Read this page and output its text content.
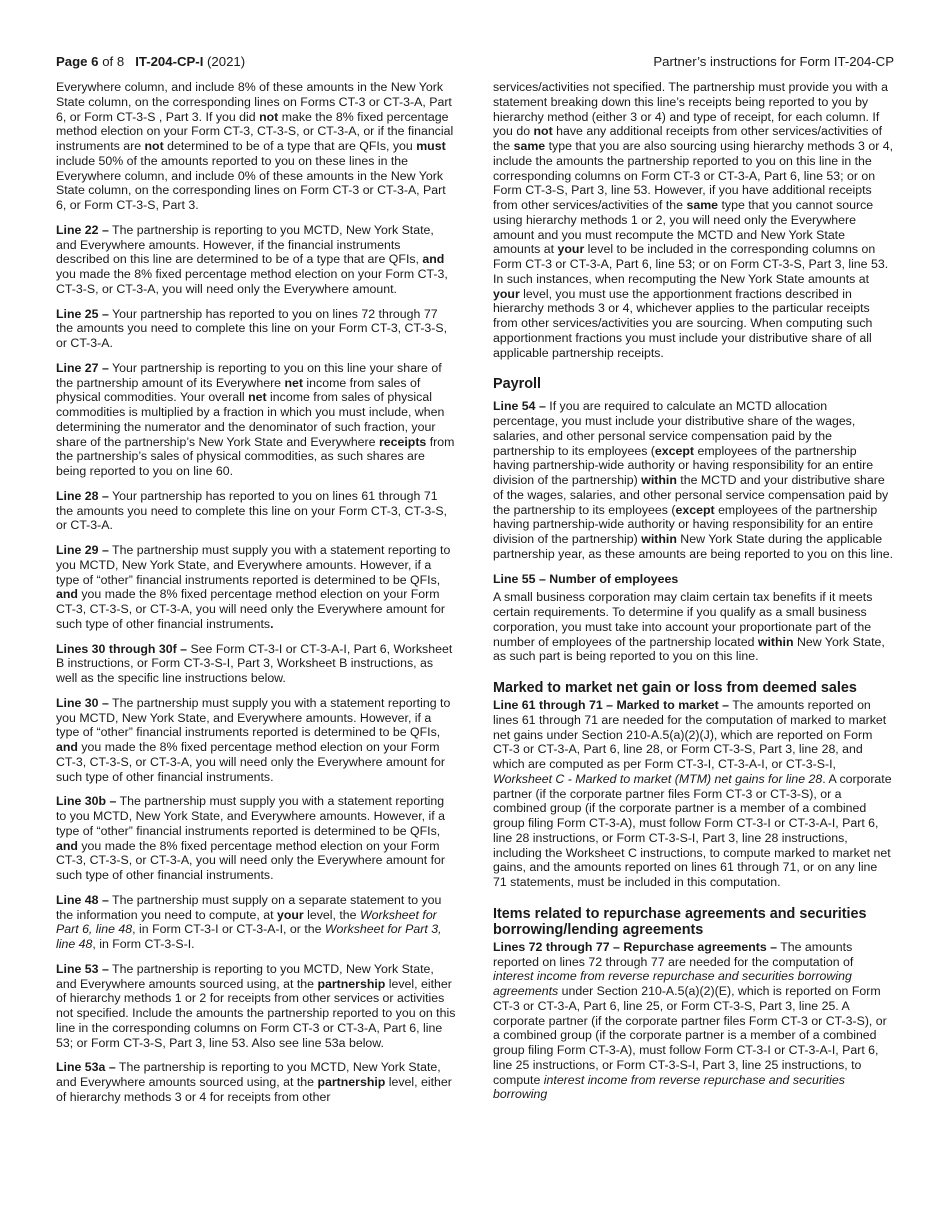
Page 6 of 8 IT-204-CP-I (2021)	Partner’s instructions for Form IT-204-CP

Everywhere column, and include 8% of these amounts in the New York State column, on the corresponding lines on Forms CT-3 or CT-3-A, Part 6, or Form CT-3-S , Part 3. If you did not make the 8% fixed percentage method election on your Form CT-3, CT-3-S, or CT-3-A, or if the financial instruments are not determined to be of a type that are QFIs, you must include 50% of the amounts reported to you on these lines in the Everywhere column, and include 0% of these amounts in the New York State column, on the corresponding lines on Form CT-3 or CT-3-A, Part 6, or Form CT-3-S, Part 3.

Line 22 – The partnership is reporting to you MCTD, New York State, and Everywhere amounts. However, if the financial instruments described on this line are determined to be of a type that are QFIs, and you made the 8% fixed percentage method election on your Form CT-3, CT-3-S, or CT-3-A, you will need only the Everywhere amount.

Line 25 – Your partnership has reported to you on lines 72 through 77 the amounts you need to complete this line on your Form CT-3, CT-3-S, or CT-3-A.

Line 27 – Your partnership is reporting to you on this line your share of the partnership amount of its Everywhere net income from sales of physical commodities. Your overall net income from sales of physical commodities is multiplied by a fraction in which you must include, when determining the numerator and the denominator of such fraction, your share of the partnership’s New York State and Everywhere receipts from the partnership’s sales of physical commodities, as such shares are being reported to you on line 60.

Line 28 – Your partnership has reported to you on lines 61 through 71 the amounts you need to complete this line on your Form CT-3, CT-3-S, or CT-3-A.

Line 29 – The partnership must supply you with a statement reporting to you MCTD, New York State, and Everywhere amounts. However, if a type of “other” financial instruments reported is determined to be QFIs, and you made the 8% fixed percentage method election on your Form CT-3, CT-3-S, or CT-3-A, you will need only the Everywhere amount for such type of other financial instruments.

Lines 30 through 30f – See Form CT-3-I or CT-3-A-I, Part 6, Worksheet B instructions, or Form CT-3-S-I, Part 3, Worksheet B instructions, as well as the specific line instructions below.

Line 30 – The partnership must supply you with a statement reporting to you MCTD, New York State, and Everywhere amounts. However, if a type of “other” financial instruments reported is determined to be QFIs, and you made the 8% fixed percentage method election on your Form CT-3, CT-3-S, or CT-3-A, you will need only the Everywhere amount for such type of other financial instruments.

Line 30b – The partnership must supply you with a statement reporting to you MCTD, New York State, and Everywhere amounts. However, if a type of “other” financial instruments reported is determined to be QFIs, and you made the 8% fixed percentage method election on your Form CT-3, CT-3-S, or CT-3-A, you will need only the Everywhere amount for such type of other financial instruments.

Line 48 – The partnership must supply on a separate statement to you the information you need to compute, at your level, the Worksheet for Part 6, line 48, in Form CT-3-I or CT-3-A-I, or the Worksheet for Part 3, line 48, in Form CT-3-S-I.

Line 53 – The partnership is reporting to you MCTD, New York State, and Everywhere amounts sourced using, at the partnership level, either of hierarchy methods 1 or 2 for receipts from other services or activities not specified. Include the amounts the partnership reported to you on this line in the corresponding columns on Form CT-3 or CT-3-A, Part 6, line 53; or Form CT-3-S, Part 3, line 53. Also see line 53a below.

Line 53a – The partnership is reporting to you MCTD, New York State, and Everywhere amounts sourced using, at the partnership level, either of hierarchy methods 3 or 4 for receipts from other

services/activities not specified. The partnership must provide you with a statement breaking down this line’s receipts being reported to you by hierarchy method (either 3 or 4) and type of receipt, for each column. If you do not have any additional receipts from other services/activities of the same type that you are also sourcing using hierarchy methods 3 or 4, include the amounts the partnership reported to you on this line in the corresponding columns on Form CT-3 or CT-3-A, Part 6, line 53; or on Form CT-3-S, Part 3, line 53. However, if you have additional receipts from other services/activities of the same type that you cannot source using hierarchy methods 1 or 2, you will need only the Everywhere amount and you must recompute the MCTD and New York State amounts at your level to be included in the corresponding columns on Form CT-3 or CT-3-A, Part 6, line 53; or on Form CT-3-S, Part 3, line 53. In such instances, when recomputing the New York State amounts at your level, you must use the apportionment fractions described in hierarchy methods 3 or 4, whichever applies to the particular receipts from other services/activities you are sourcing. When computing such apportionment fractions you must include your distributive share of all applicable partnership receipts.

Payroll

Line 54 – If you are required to calculate an MCTD allocation percentage, you must include your distributive share of the wages, salaries, and other personal service compensation paid by the partnership to its employees (except employees of the partnership having partnership-wide authority or having responsibility for an entire division of the partnership) within the MCTD and your distributive share of the wages, salaries, and other personal service compensation paid by the partnership to its employees (except employees of the partnership having partnership-wide authority or having responsibility for an entire division of the partnership) within New York State during the applicable partnership year, as these amounts are being reported to you on this line.

Line 55 – Number of employees

A small business corporation may claim certain tax benefits if it meets certain requirements. To determine if you qualify as a small business corporation, you must take into account your proportionate part of the number of employees of the partnership located within New York State, as such part is being reported to you on this line.

Marked to market net gain or loss from deemed sales

Line 61 through 71 – Marked to market – The amounts reported on lines 61 through 71 are needed for the computation of marked to market net gains under Section 210-A.5(a)(2)(J), which are reported on Form CT-3 or CT-3-A, Part 6, line 28, or Form CT-3-S, Part 3, line 28, and which are computed as per Form CT-3-I, CT-3-A-I, or CT-3-S-I, Worksheet C - Marked to market (MTM) net gains for line 28. A corporate partner (if the corporate partner files Form CT-3 or CT-3-S), or a combined group (if the corporate partner is a member of a combined group filing Form CT-3-A), must follow Form CT-3-I or CT-3-A-I, Part 6, line 28 instructions, or Form CT-3-S-I, Part 3, line 28 instructions, including the Worksheet C instructions, to compute marked to market net gains, and the amounts reported on lines 61 through 71, or on any line 71 statements, must be included in this computation.

Items related to repurchase agreements and securities borrowing/lending agreements

Lines 72 through 77 – Repurchase agreements – The amounts reported on lines 72 through 77 are needed for the computation of interest income from reverse repurchase and securities borrowing agreements under Section 210-A.5(a)(2)(E), which is reported on Form CT-3 or CT-3-A, Part 6, line 25, or Form CT-3-S, Part 3, line 25. A corporate partner (if the corporate partner files Form CT-3 or CT-3-S), or a combined group (if the corporate partner is a member of a combined group filing Form CT-3-A), must follow Form CT-3-I or CT-3-A-I, Part 6, line 25 instructions, or Form CT-3-S-I, Part 3, line 25 instructions, to compute interest income from reverse repurchase and securities borrowing
